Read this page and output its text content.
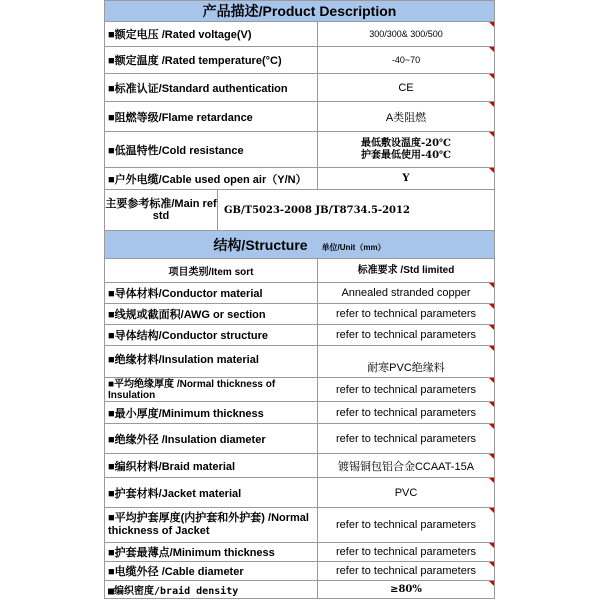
产品描述/Product Description	
■额定电压 /Rated voltage(V)	300/300& 300/500
■额定温度 /Rated temperature(°C)	-40~70
■标准认证/Standard authentication	CE
■阻燃等级/Flame retardance	A类阻燃
■低温特性/Cold resistance	最低敷设温度-20℃
护套最低使用-40℃

■户外电缆/Cable used open air（Y/N）	Y

主要参考标准/Main ref std GB/T5023-2008 JB/T8734.5-2012	

结构/Structure 单位/Unit（mm）	
项目类别/Item sort	标准要求 /Std limited
■导体材料/Conductor material	Annealed stranded copper
■线规或截面积/AWG or section	refer to technical parameters
■导体结构/Conductor structure	refer to technical parameters
■绝缘材料/Insulation material	耐寒PVC绝缘料
■平均绝缘厚度 /Normal thickness of Insulation	refer to technical parameters
■最小厚度/Minimum thickness	refer to technical parameters
■绝缘外径 /Insulation diameter	refer to technical parameters
■编织材料/Braid material	镀锡铜包铝合金CCAAT-15A
■护套材料/Jacket material	PVC
■平均护套厚度(内护套和外护套) /Normal thickness of Jacket	refer to technical parameters
■护套最薄点/Minimum thickness	refer to technical parameters
■电缆外径 /Cable diameter	refer to technical parameters
■编织密度/braid density	≥80%
